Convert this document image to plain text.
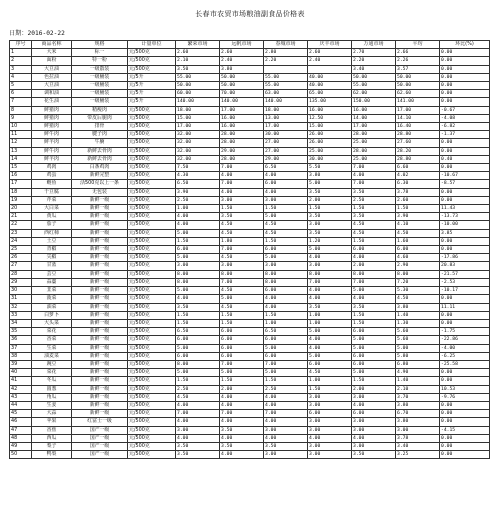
长春市农贸市场粮油副食品价格表
日期：2016-02-22
序号	商品名称	规格	计量单位	繁荣市场	远帆市场	春城市场	庆丰市场	万通市场	平均	环比(%)
1	大米	标一	元/500克	2.60	2.60	2.80	2.60	2.70	2.66	0.00
2	面粉	特一粉	元/500克	2.10	2.40	2.20	2.40	2.20	2.26	0.00
3	大豆油	一级散装	元/500克	3.50	3.80			3.40	3.57	0.00
4	色拉油	一级桶装	元/5升	55.00	50.00	55.00	40.00	50.00	50.00	0.00
5	大豆油	一级桶装	元/5升	50.00	50.00	55.00	40.00	55.00	50.00	0.00
6	调和油	一级桶装	元/5升	60.00	70.00	63.00	65.00	62.00	62.60	0.00
7	花生油	一级桶装	元/5升	140.00	140.00	140.00	135.00	150.00	141.00	0.00
8	鲜猪肉	精瘦肉	元/500克	18.00	17.00	18.00	16.00	16.00	17.00	-0.67
9	鲜猪肉	带皮后腿肉	元/500克	15.00	16.00	13.00	12.50	14.00	14.10	-4.08
10	鲜猪肉	排骨	元/500克	17.00	16.00	17.00	15.00	17.00	16.40	-6.82
11	鲜牛肉	腱子肉	元/500克	32.00	28.00	30.00	26.00	28.00	28.80	-1.37
12	鲜羊肉	牛腩	元/500克	32.00	28.00	27.00	26.00	25.00	27.60	0.00
13	鲜牛肉	新鲜去骨肉	元/500克	32.00	29.00	27.00	25.00	28.00	28.20	0.00
14	鲜羊肉	新鲜去骨肉	元/500克	32.00	28.00	29.00	30.00	25.00	28.80	0.40
15	鸡肉	白条鸡肉	元/500克	7.50	7.00	6.50	5.50	7.00	6.60	0.00
16	鸡蛋	新鲜完整	元/500克	4.30	4.00	4.00	3.80	4.00	4.02	-10.67
17	鲢鱼	活500克以上一条	元/500克	6.50	7.00	6.00	5.00	7.00	6.30	-8.57
18	干豆腐	无包装	元/500克	3.90	4.00	4.00	3.50	3.50	3.78	0.00
19	芹菜	新鲜一级	元/500克	2.50	3.00	3.00	2.00	2.50	2.60	0.00
20	大白菜	新鲜一级	元/500克	1.00	1.50	1.50	1.50	1.50	1.50	11.43
21	黄瓜	新鲜一级	元/500克	4.00	3.50	5.00	3.50	3.50	3.90	-13.73
22	茄子	新鲜一级	元/500克	4.00	4.50	4.50	3.00	4.50	4.10	-10.00
23	西红柿	新鲜一级	元/500克	5.00	4.50	4.50	3.50	4.50	4.50	3.85
24	土豆	新鲜一级	元/500克	1.50	1.80	1.50	1.20	1.50	1.60	0.00
25	青椒	新鲜一级	元/500克	6.00	7.00	6.00	5.00	6.00	6.00	0.00
26	尖椒	新鲜一级	元/500克	5.00	4.50	5.00	4.00	4.00	4.60	-17.86
27	甘蓝	新鲜一级	元/500克	3.00	3.00	3.00	3.00	2.00	2.90	20.83
28	芸豆	新鲜一级	元/500克	8.00	8.00	8.00	8.00	8.00	8.00	-21.57
29	蒜薹	新鲜一级	元/500克	8.00	7.00	8.00	7.00	7.00	7.20	-2.53
30	韭菜	新鲜一级	元/500克	5.00	4.50	6.00	4.00	5.00	5.30	-10.17
31	菠菜	新鲜一级	元/500克	4.00	5.00	4.00	4.00	4.00	4.50	0.00
32	油菜	新鲜一级	元/500克	3.50	4.50	4.00	3.50	3.50	3.80	11.11
33	白萝卜	新鲜一级	元/500克	1.50	1.50	1.50	1.00	1.50	1.40	0.00
34	大头菜	新鲜一级	元/500克	1.50	1.50	1.00	1.00	1.50	1.30	0.00
35	菜花	新鲜一级	元/500克	6.50	6.00	6.50	5.00	6.00	5.60	-1.75
36	香菜	新鲜一级	元/500克	6.00	6.00	6.00	4.00	5.00	5.60	-22.86
37	生菜	新鲜一级	元/500克	5.00	6.00	5.00	4.00	5.00	5.00	-4.00
38	油麦菜	新鲜一级	元/500克	6.00	6.00	6.00	5.00	6.00	5.80	-6.25
39	豌豆	新鲜一级	元/500克	8.00	7.00	7.00	6.00	6.00	6.80	-25.58
40	菜花	新鲜一级	元/500克	5.00	5.00	5.00	4.50	5.00	4.90	0.00
41	冬瓜	新鲜一级	元/500克	1.50	1.50	1.50	1.00	1.50	1.40	0.00
42	圆葱	新鲜一级	元/500克	2.50	2.00	2.50	1.50	2.00	2.10	10.53
43	角瓜	新鲜一级	元/500克	4.50	4.00	4.00	3.00	3.00	3.70	-9.76
44	生姜	新鲜一级	元/500克	4.00	4.00	4.00	3.00	4.00	3.80	0.00
45	大蒜	新鲜一级	元/500克	7.00	7.00	7.00	6.00	6.00	6.70	0.00
46	苹果	红富士一级	元/500克	4.00	4.00	4.00	3.00	3.00	3.80	0.00
47	香蕉	国产一级	元/500克	3.00	3.50	3.00	3.00	3.00	3.00	-4.15
48	西瓜	国产一级	元/500克	4.00	4.00	4.00	4.00	4.00	3.78	0.00
49	梨子	国产一级	元/500克	3.50	3.50	3.50	3.00	3.00	3.40	0.00
50	鸭梨	国产一级	元/500克	3.50	4.00	3.00	3.00	3.50	3.25	0.00
